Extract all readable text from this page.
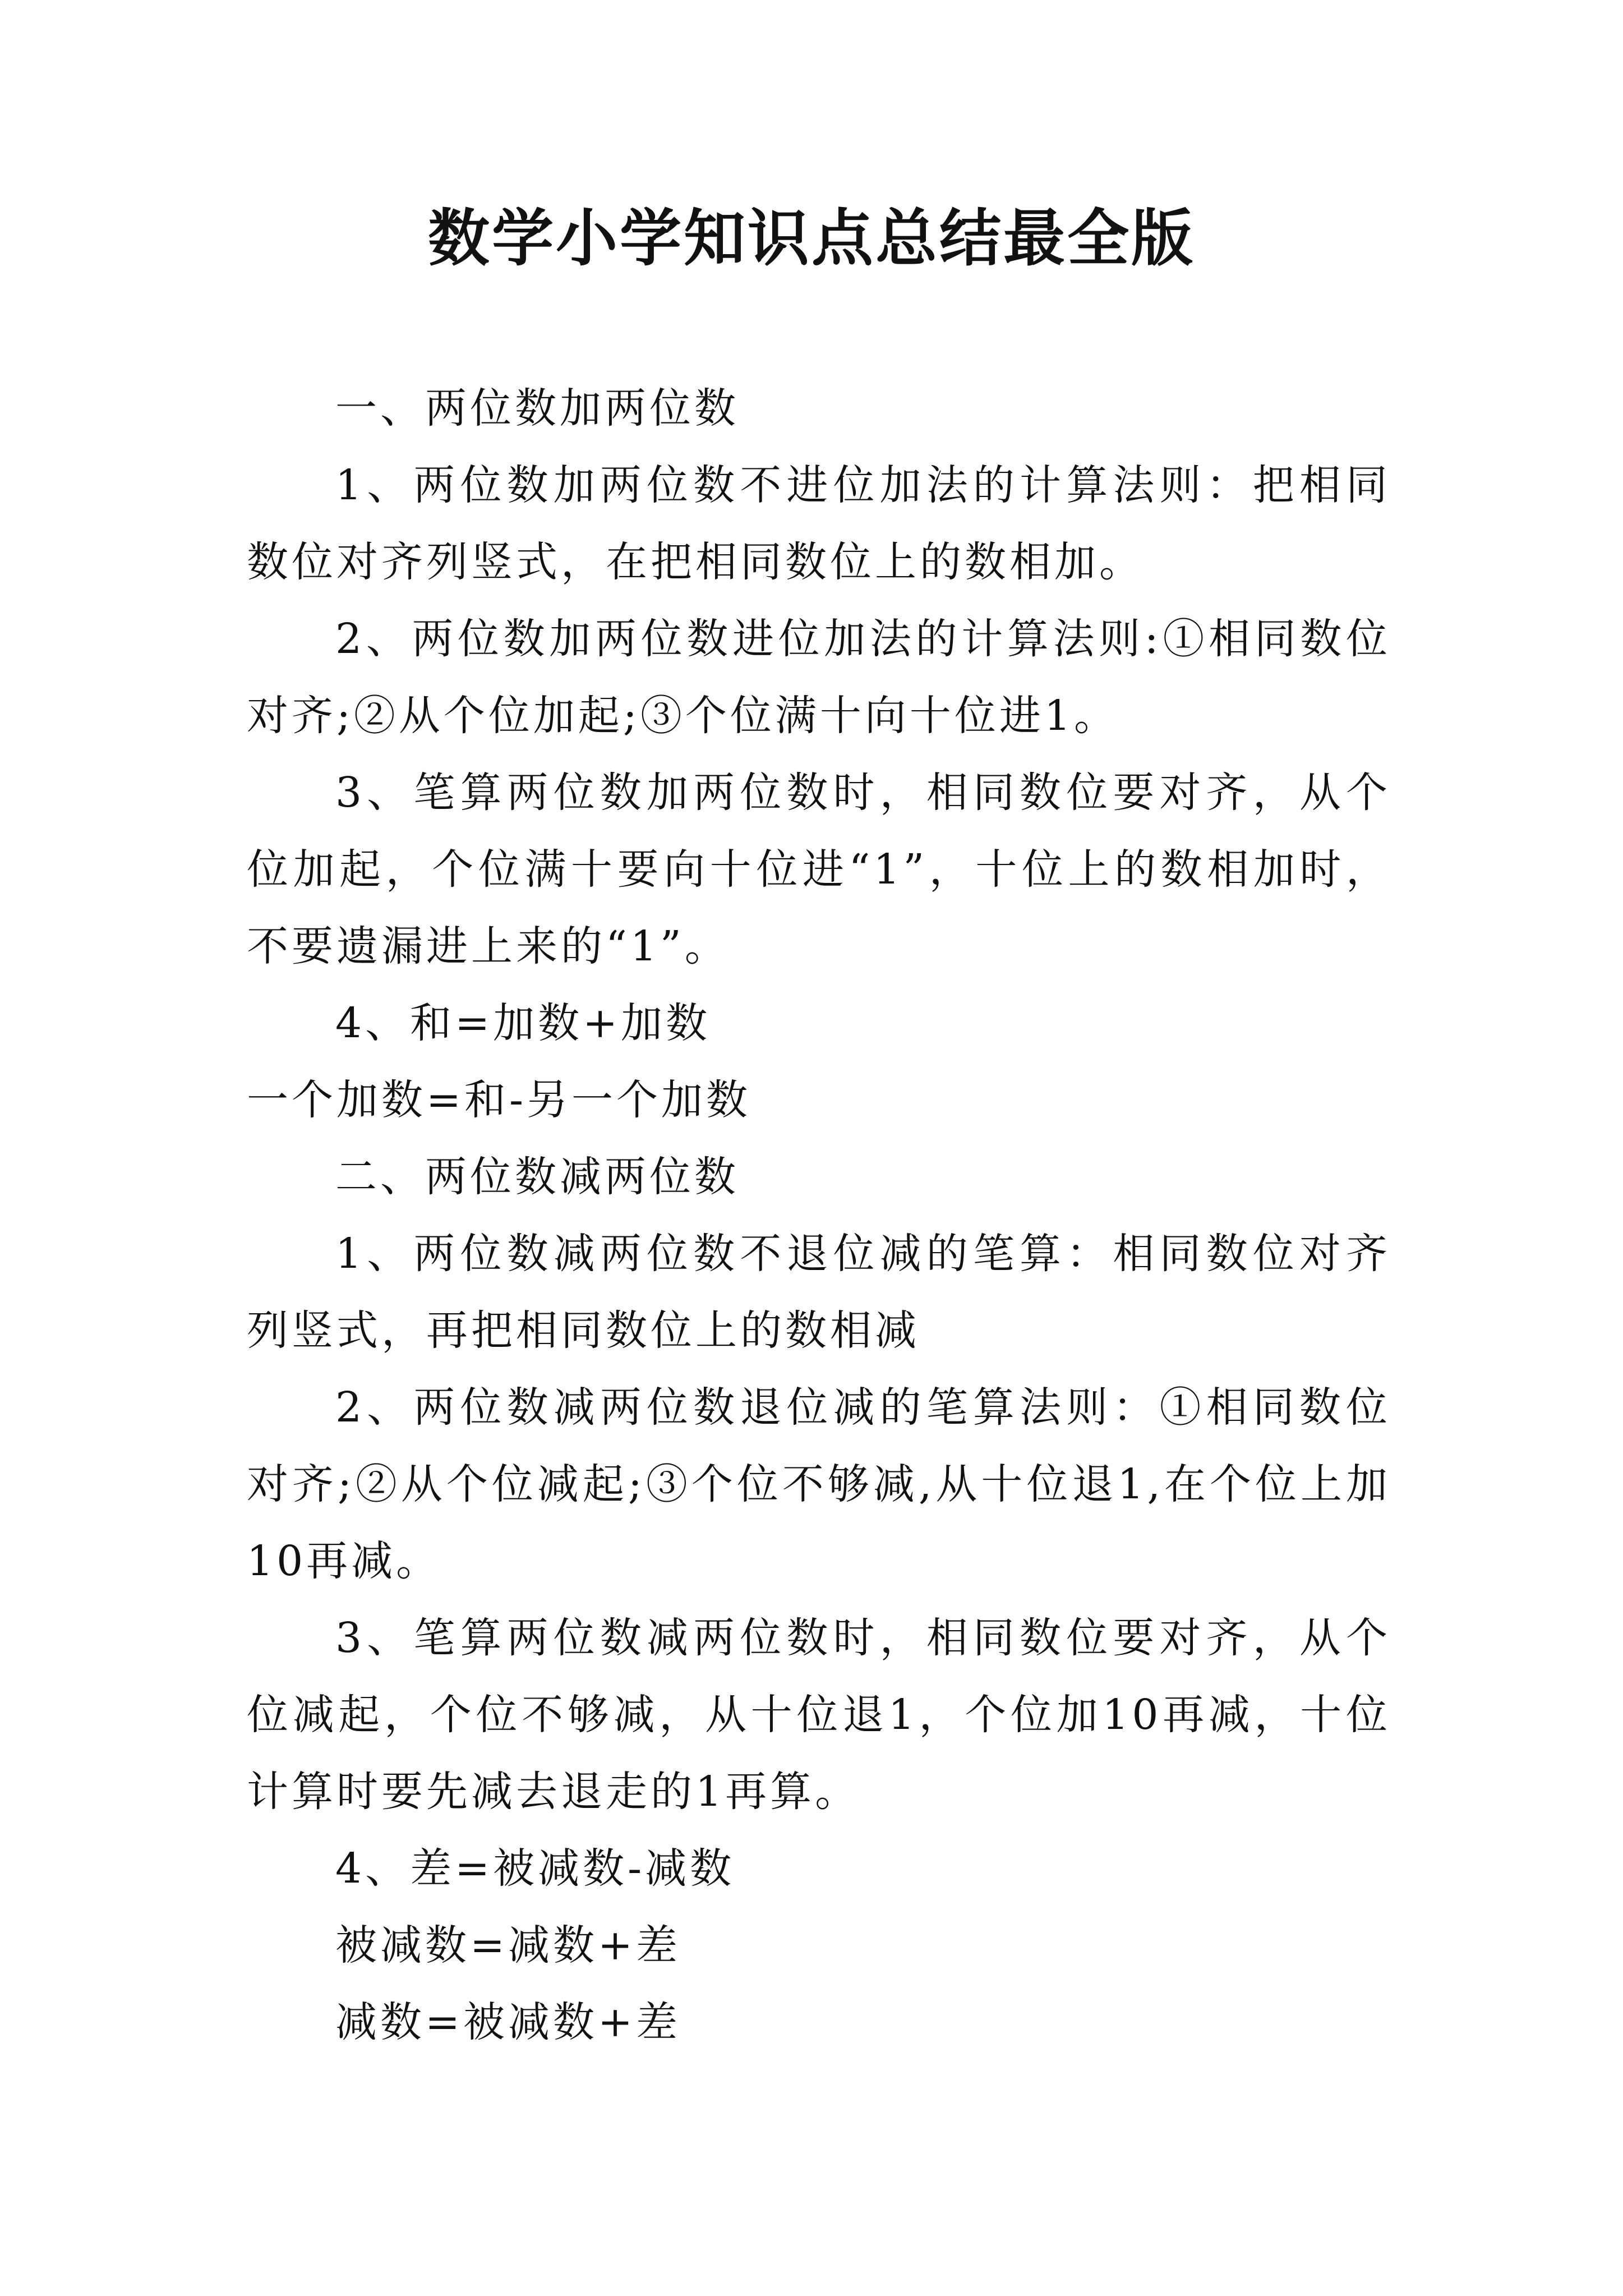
数学小学知识点总结最全版

一、两位数加两位数

1、两位数加两位数不进位加法的计算法则：把相同数位对齐列竖式，在把相同数位上的数相加。

2、两位数加两位数进位加法的计算法则:①相同数位对齐;②从个位加起;③个位满十向十位进1。

3、笔算两位数加两位数时，相同数位要对齐，从个位加起，个位满十要向十位进“1”，十位上的数相加时，不要遗漏进上来的“1”。

4、和=加数+加数

一个加数=和-另一个加数

二、两位数减两位数

1、两位数减两位数不退位减的笔算：相同数位对齐列竖式，再把相同数位上的数相减

2、两位数减两位数退位减的笔算法则：①相同数位对齐;②从个位减起;③个位不够减,从十位退1,在个位上加10再减。

3、笔算两位数减两位数时，相同数位要对齐，从个位减起，个位不够减，从十位退1，个位加10再减，十位计算时要先减去退走的1再算。

4、差=被减数-减数

被减数=减数+差

减数=被减数+差
